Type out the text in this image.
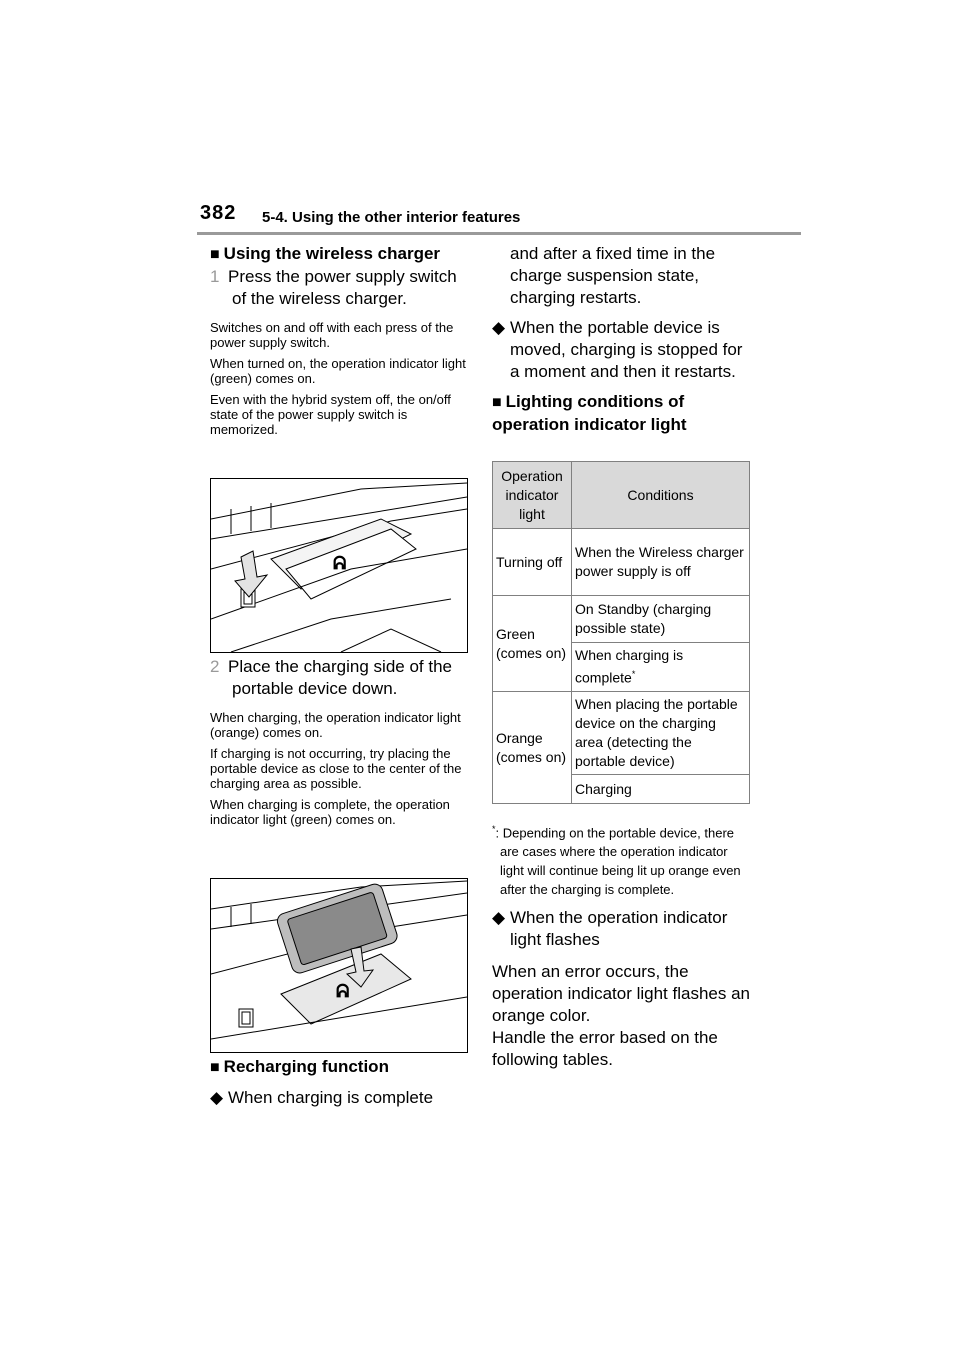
382 5-4. Using the other interior features

■ Using the wireless charger

1 Press the power supply switch of the wireless charger.

Switches on and off with each press of the power supply switch.

When turned on, the operation indicator light (green) comes on.

Even with the hybrid system off, the on/off state of the power supply switch is memorized.

ᕱ

2 Place the charging side of the portable device down.

When charging, the operation indicator light (orange) comes on.

If charging is not occurring, try placing the portable device as close to the center of the charging area as possible.

When charging is complete, the operation indicator light (green) comes on.

ᕱ

■ Recharging function

◆ When charging is complete

and after a fixed time in the charge suspension state, charging restarts.

◆ When the portable device is moved, charging is stopped for a moment and then it restarts.

■ Lighting conditions of operation indicator light

Operation indicator light	Conditions
Turning off	When the Wireless charger power supply is off
Green (comes on)	On Standby (charging possible state)
	When charging is complete*
Orange (comes on)	When placing the portable device on the charging area (detecting the portable device)
	Charging

*: Depending on the portable device, there are cases where the operation indicator light will continue being lit up orange even after the charging is complete.

◆ When the operation indicator light flashes

When an error occurs, the operation indicator light flashes an orange color.

Handle the error based on the following tables.
